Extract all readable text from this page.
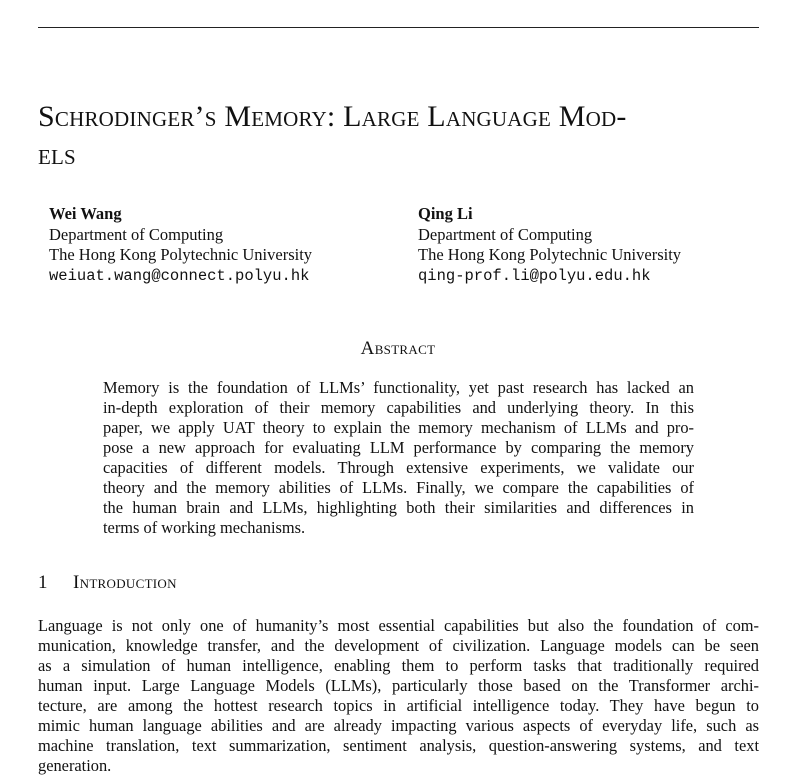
Schrodinger’s Memory: Large Language Mod-
els
Wei Wang
Department of Computing
The Hong Kong Polytechnic University
weiuat.wang@connect.polyu.hk
Qing Li
Department of Computing
The Hong Kong Polytechnic University
qing-prof.li@polyu.edu.hk
Abstract
Memory is the foundation of LLMs’ functionality, yet past research has lacked an
in-depth exploration of their memory capabilities and underlying theory. In this
paper, we apply UAT theory to explain the memory mechanism of LLMs and pro-
pose a new approach for evaluating LLM performance by comparing the memory
capacities of different models. Through extensive experiments, we validate our
theory and the memory abilities of LLMs. Finally, we compare the capabilities of
the human brain and LLMs, highlighting both their similarities and differences in
terms of working mechanisms.
1 Introduction
Language is not only one of humanity’s most essential capabilities but also the foundation of com-
munication, knowledge transfer, and the development of civilization. Language models can be seen
as a simulation of human intelligence, enabling them to perform tasks that traditionally required
human input. Large Language Models (LLMs), particularly those based on the Transformer archi-
tecture, are among the hottest research topics in artificial intelligence today. They have begun to
mimic human language abilities and are already impacting various aspects of everyday life, such as
machine translation, text summarization, sentiment analysis, question-answering systems, and text
generation.
